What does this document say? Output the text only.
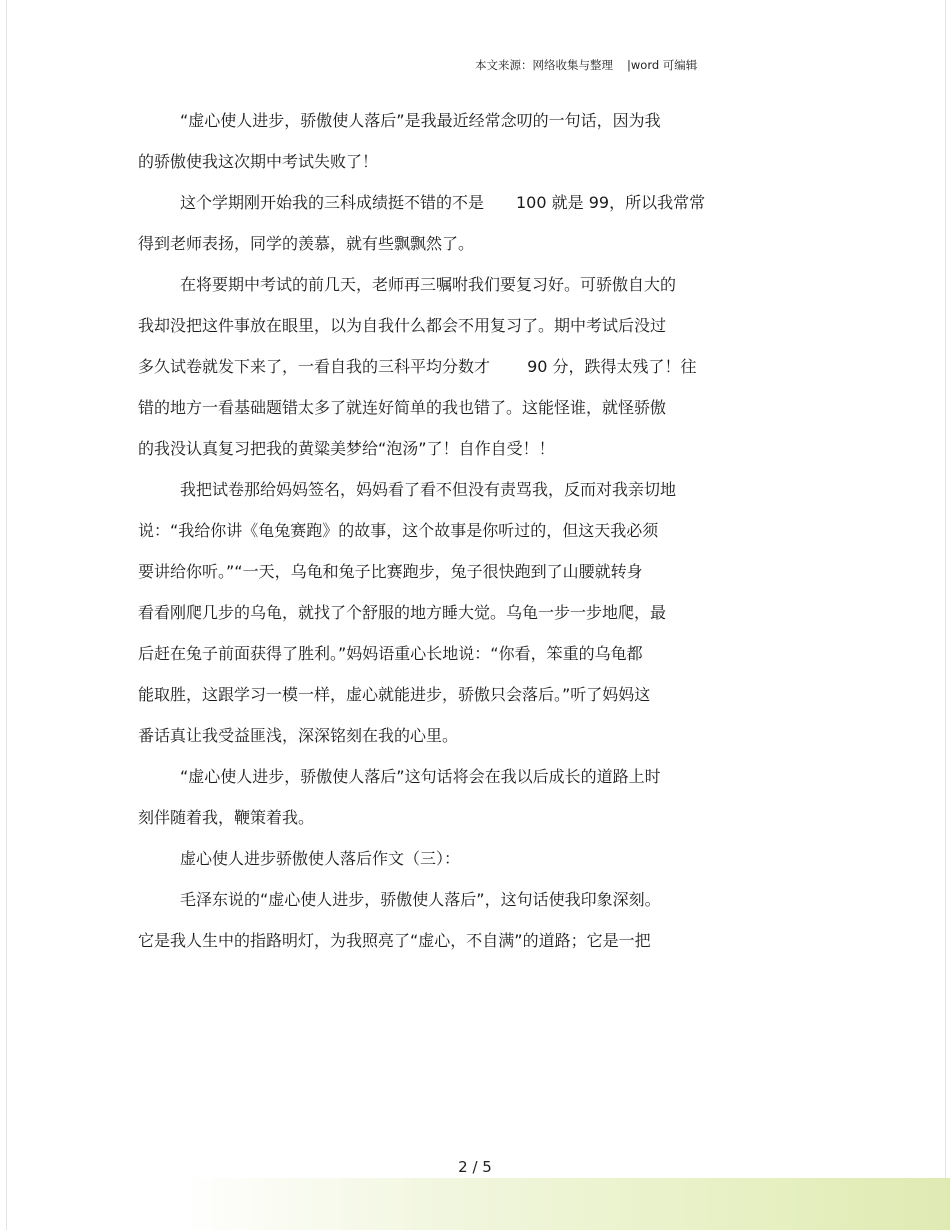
本文来源：网络收集与整理 |word 可编辑
“虚心使人进步，骄傲使人落后”是我最近经常念叨的一句话，因为我
的骄傲使我这次期中考试失败了！
这个学期刚开始我的三科成绩挺不错的不是　　100 就是 99，所以我常常
得到老师表扬，同学的羡慕，就有些飘飘然了。
在将要期中考试的前几天，老师再三嘱咐我们要复习好。可骄傲自大的
我却没把这件事放在眼里，以为自我什么都会不用复习了。期中考试后没过
多久试卷就发下来了，一看自我的三科平均分数才　　 90 分，跌得太残了！往
错的地方一看基础题错太多了就连好简单的我也错了。这能怪谁，就怪骄傲
的我没认真复习把我的黄粱美梦给“泡汤”了！自作自受！！
我把试卷那给妈妈签名，妈妈看了看不但没有责骂我，反而对我亲切地
说：“我给你讲《龟兔赛跑》的故事，这个故事是你听过的，但这天我必须
要讲给你听。”“一天，乌龟和兔子比赛跑步，兔子很快跑到了山腰就转身
看看刚爬几步的乌龟，就找了个舒服的地方睡大觉。乌龟一步一步地爬，最
后赶在兔子前面获得了胜利。”妈妈语重心长地说：“你看，笨重的乌龟都
能取胜，这跟学习一模一样，虚心就能进步，骄傲只会落后。”听了妈妈这
番话真让我受益匪浅，深深铭刻在我的心里。
“虚心使人进步，骄傲使人落后”这句话将会在我以后成长的道路上时
刻伴随着我，鞭策着我。
虚心使人进步骄傲使人落后作文（三）：
毛泽东说的“虚心使人进步，骄傲使人落后”，这句话使我印象深刻。
它是我人生中的指路明灯，为我照亮了“虚心，不自满”的道路；它是一把
2 / 5
